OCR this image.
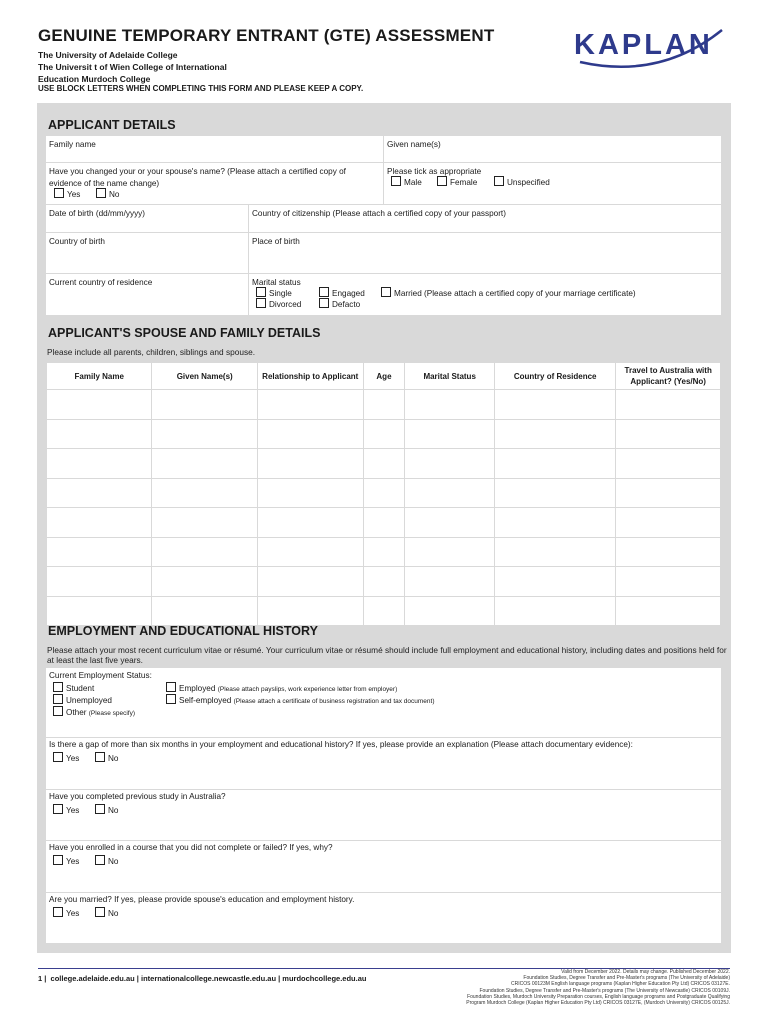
GENUINE TEMPORARY ENTRANT (GTE) ASSESSMENT
The University of Adelaide College
The Universit t of Wien College of International
Education Murdoch College
USE BLOCK LETTERS WHEN COMPLETING THIS FORM AND PLEASE KEEP A COPY.
KAPLAN
APPLICANT DETAILS
Family name	Given name(s)
Have you changed your or your spouse's name? (Please attach a certified copy of evidence of the name change)
Yes	No
Please tick as appropriate
Male	Female	Unspecified
Date of birth (dd/mm/yyyy)	Country of citizenship (Please attach a certified copy of your passport)
Country of birth	Place of birth
Current country of residence	Marital status
Single	Engaged	Married (Please attach a certified copy of your marriage certificate)
Divorced	Defacto
APPLICANT'S SPOUSE AND FAMILY DETAILS
Please include all parents, children, siblings and spouse.
Family Name	Given Name(s)	Relationship to Applicant	Age	Marital Status	Country of Residence	Travel to Australia with Applicant? (Yes/No)

EMPLOYMENT AND EDUCATIONAL HISTORY
Please attach your most recent curriculum vitae or résumé. Your curriculum vitae or résumé should include full employment and educational history, including dates and positions held for at least the last five years.
Current Employment Status:
Student
Unemployed
Other (Please specify)
Employed (Please attach payslips, work experience letter from employer)
Self-employed (Please attach a certificate of business registration and tax document)
Is there a gap of more than six months in your employment and educational history? If yes, please provide an explanation (Please attach documentary evidence):
Yes	No
Have you completed previous study in Australia?
Yes	No
Have you enrolled in a course that you did not complete or failed? If yes, why?
Yes	No
Are you married? If yes, please provide spouse's education and employment history.
Yes	No
1 |  college.adelaide.edu.au | internationalcollege.newcastle.edu.au | murdochcollege.edu.au
Valid from December 2022. Details may change. Published December 2022.
Foundation Studies, Degree Transfer and Pre-Master's programs (The University of Adelaide)
CRICOS 00123M English language programs (Kaplan Higher Education Pty Ltd) CRICOS 03127E.
Foundation Studies, Degree Transfer and Pre-Master's programs (The University of Newcastle) CRICOS 00109J.
Foundation Studies, Murdoch University Preparation courses, English language programs and Postgraduate Qualifying
Program Murdoch College (Kaplan Higher Education Pty Ltd) CRICOS 03127E, (Murdoch University) CRICOS 00125J.
